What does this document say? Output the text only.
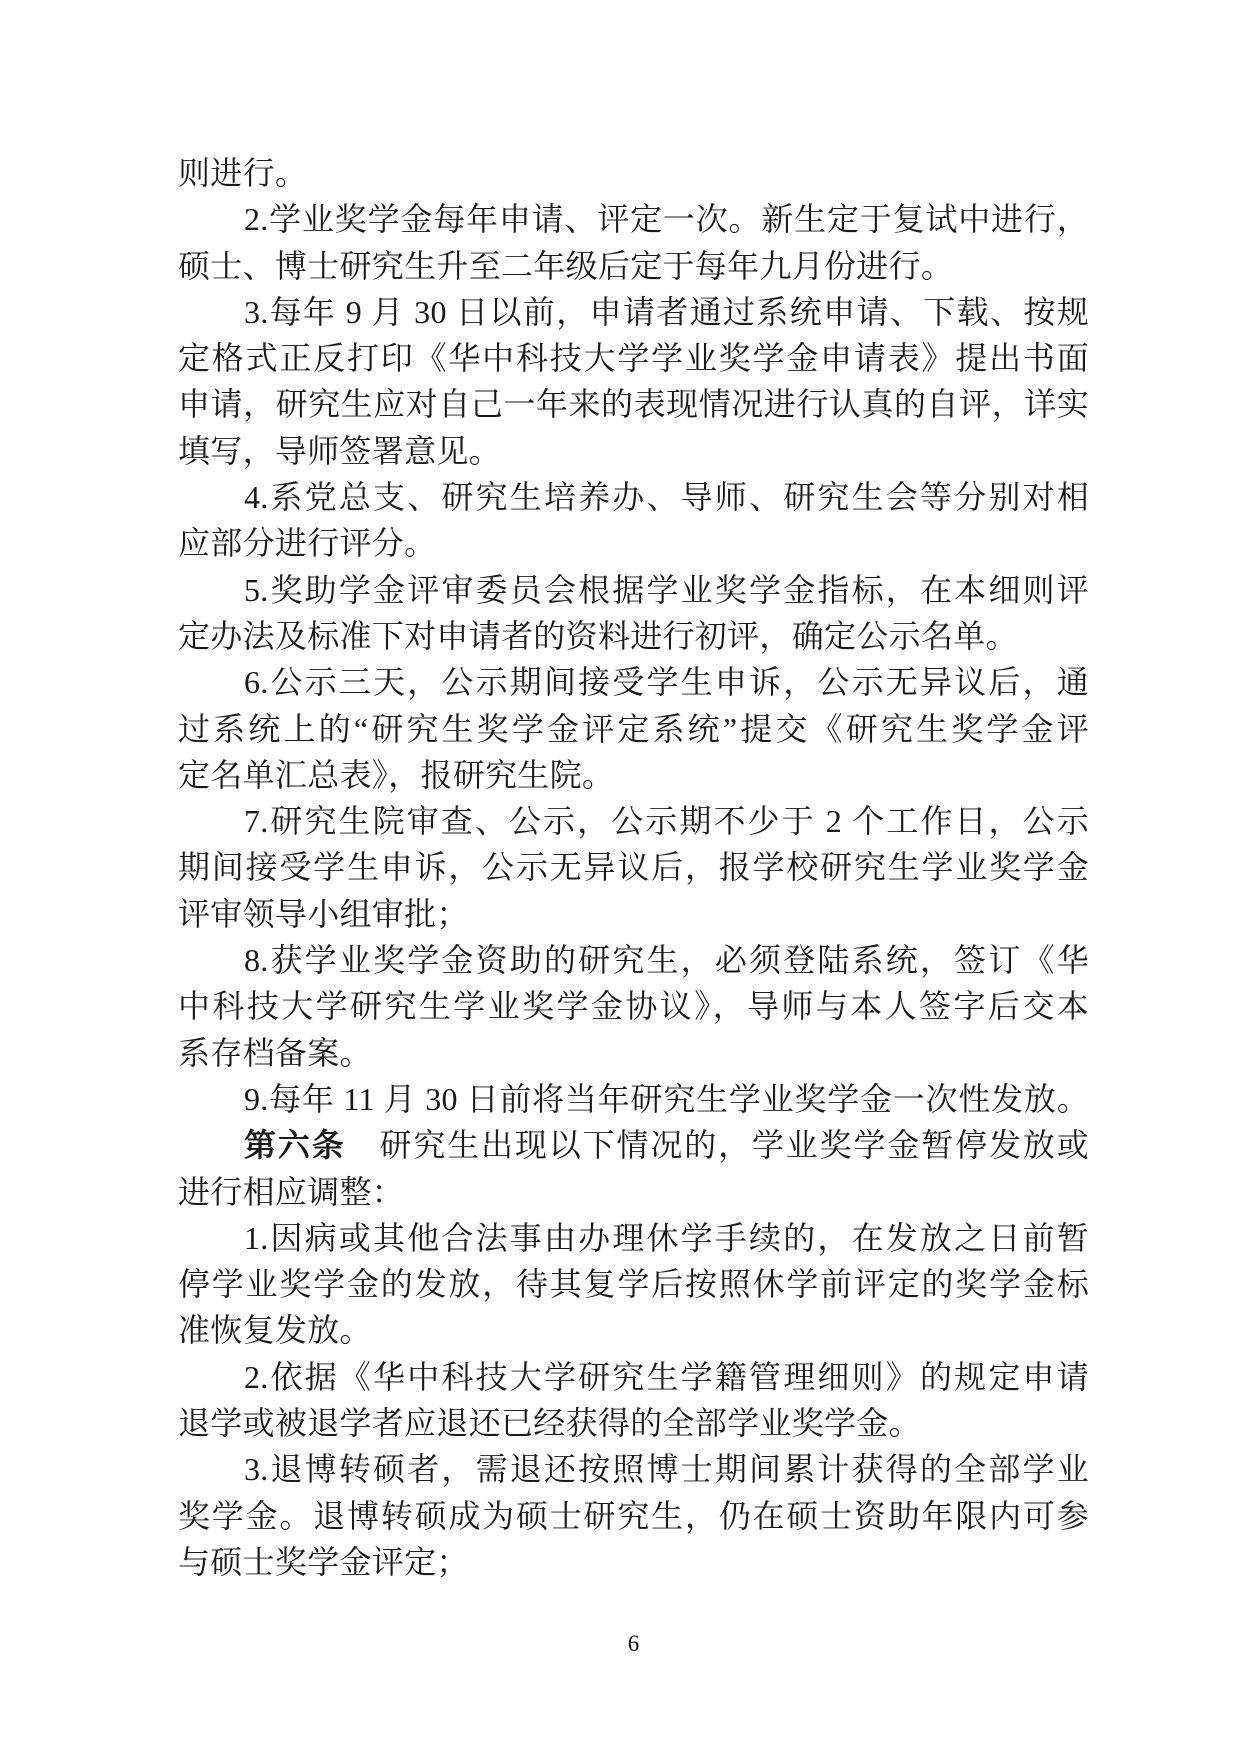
则进行。
2.学业奖学金每年申请、评定一次。新生定于复试中进行，
硕士、博士研究生升至二年级后定于每年九月份进行。
3.每年 9 月 30 日以前，申请者通过系统申请、下载、按规
定格式正反打印《华中科技大学学业奖学金申请表》提出书面
申请，研究生应对自己一年来的表现情况进行认真的自评，详实
填写，导师签署意见。
4.系党总支、研究生培养办、导师、研究生会等分别对相
应部分进行评分。
5.奖助学金评审委员会根据学业奖学金指标，在本细则评
定办法及标准下对申请者的资料进行初评，确定公示名单。
6.公示三天，公示期间接受学生申诉，公示无异议后，通
过系统上的“研究生奖学金评定系统”提交《研究生奖学金评
定名单汇总表》，报研究生院。
7.研究生院审查、公示，公示期不少于 2 个工作日，公示
期间接受学生申诉，公示无异议后，报学校研究生学业奖学金
评审领导小组审批；
8.获学业奖学金资助的研究生，必须登陆系统，签订《华
中科技大学研究生学业奖学金协议》，导师与本人签字后交本
系存档备案。
9.每年 11 月 30 日前将当年研究生学业奖学金一次性发放。
第六条　研究生出现以下情况的，学业奖学金暂停发放或
进行相应调整：
1.因病或其他合法事由办理休学手续的，在发放之日前暂
停学业奖学金的发放，待其复学后按照休学前评定的奖学金标
准恢复发放。
2.依据《华中科技大学研究生学籍管理细则》的规定申请
退学或被退学者应退还已经获得的全部学业奖学金。
3.退博转硕者，需退还按照博士期间累计获得的全部学业
奖学金。退博转硕成为硕士研究生，仍在硕士资助年限内可参
与硕士奖学金评定；
6
